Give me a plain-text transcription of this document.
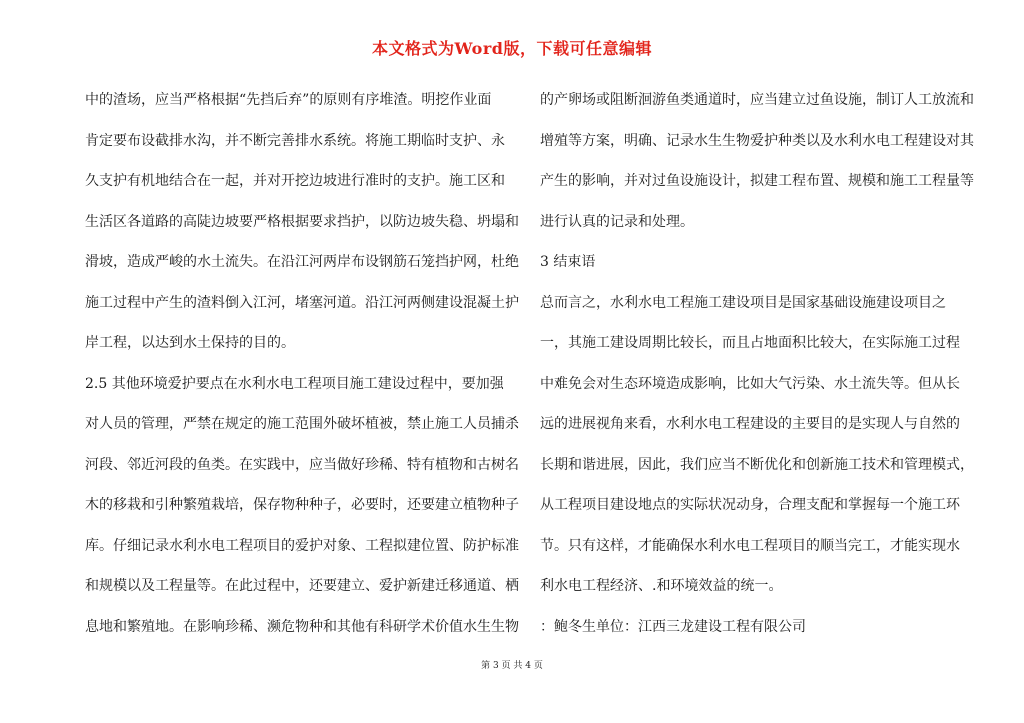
本文格式为Word版，下载可任意编辑

中的渣场，应当严格根据“先挡后弃”的原则有序堆渣。明挖作业面

肯定要布设截排水沟，并不断完善排水系统。将施工期临时支护、永

久支护有机地结合在一起，并对开挖边坡进行准时的支护。施工区和

生活区各道路的高陡边坡要严格根据要求挡护，以防边坡失稳、坍塌和

滑坡，造成严峻的水土流失。在沿江河两岸布设钢筋石笼挡护网，杜绝

施工过程中产生的渣料倒入江河，堵塞河道。沿江河两侧建设混凝土护

岸工程，以达到水土保持的目的。

2.5 其他环境爱护要点在水利水电工程项目施工建设过程中，要加强

对人员的管理，严禁在规定的施工范围外破坏植被，禁止施工人员捕杀

河段、邻近河段的鱼类。在实践中，应当做好珍稀、特有植物和古树名

木的移栽和引种繁殖栽培，保存物种种子，必要时，还要建立植物种子

库。仔细记录水利水电工程项目的爱护对象、工程拟建位置、防护标准

和规模以及工程量等。在此过程中，还要建立、爱护新建迁移通道、栖

息地和繁殖地。在影响珍稀、濒危物种和其他有科研学术价值水生生物

的产卵场或阻断洄游鱼类通道时，应当建立过鱼设施，制订人工放流和

增殖等方案，明确、记录水生生物爱护种类以及水利水电工程建设对其

产生的影响，并对过鱼设施设计，拟建工程布置、规模和施工工程量等

进行认真的记录和处理。

3 结束语

总而言之，水利水电工程施工建设项目是国家基础设施建设项目之

一，其施工建设周期比较长，而且占地面积比较大，在实际施工过程

中难免会对生态环境造成影响，比如大气污染、水土流失等。但从长

远的进展视角来看，水利水电工程建设的主要目的是实现人与自然的

长期和谐进展，因此，我们应当不断优化和创新施工技术和管理模式，

从工程项目建设地点的实际状况动身，合理支配和掌握每一个施工环

节。只有这样，才能确保水利水电工程项目的顺当完工，才能实现水

利水电工程经济、.和环境效益的统一。

：鲍冬生单位：江西三龙建设工程有限公司

第 3 页 共 4 页
